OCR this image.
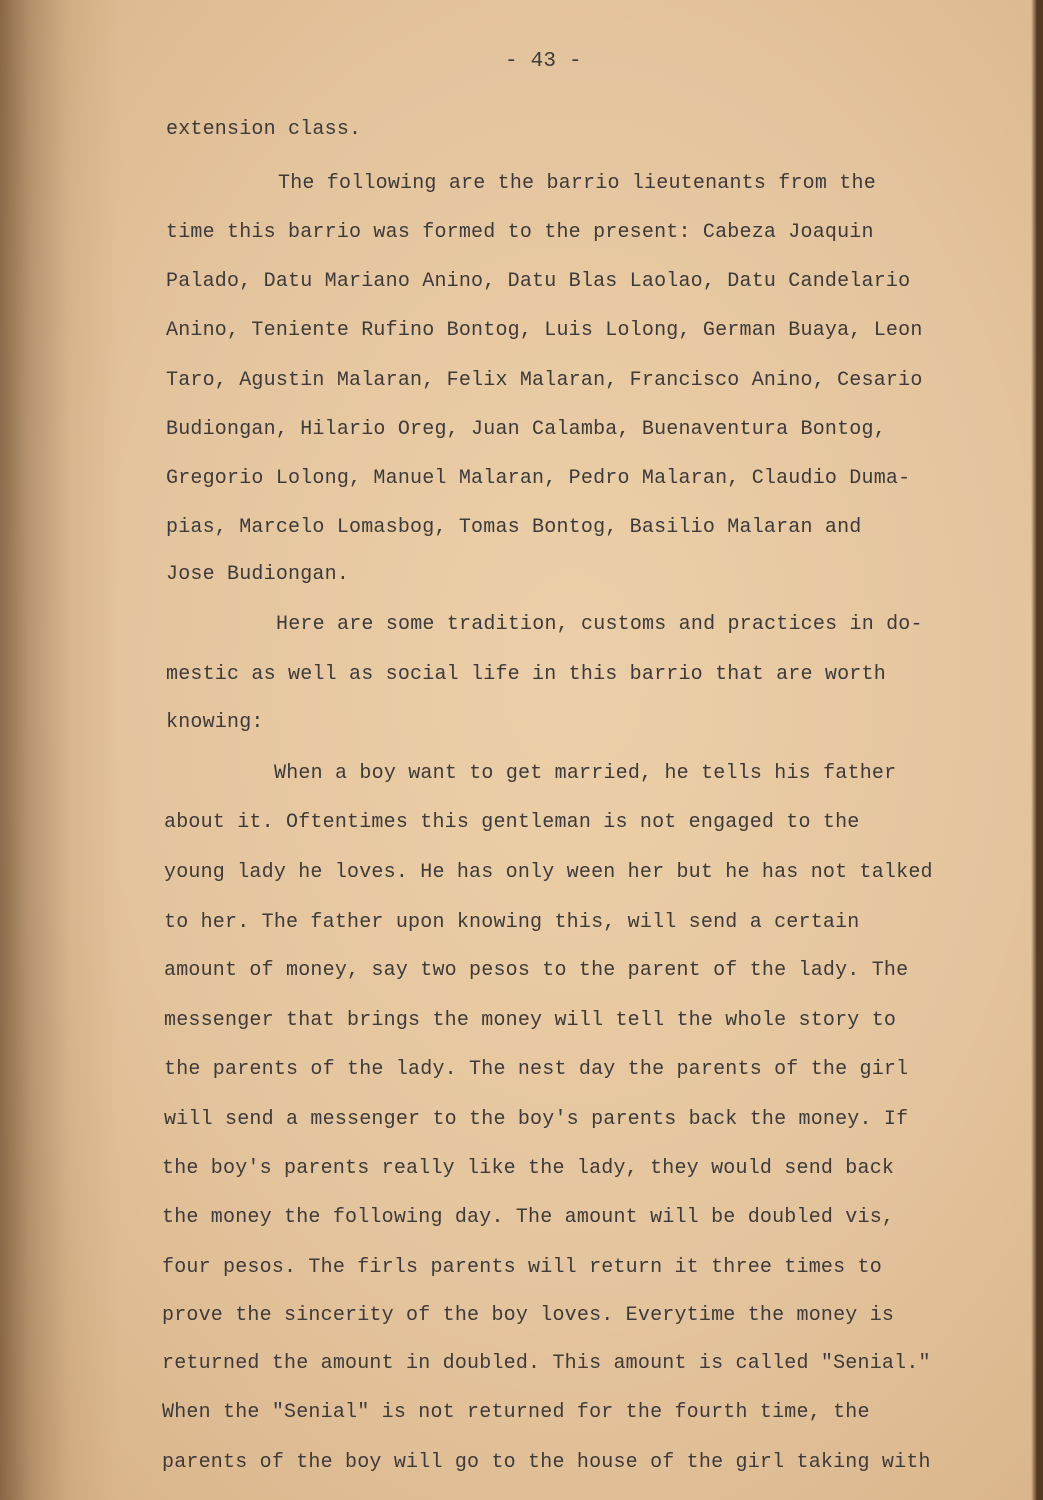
- 43 -

extension class.

The following are the barrio lieutenants from the

time this barrio was formed to the present: Cabeza Joaquin

Palado, Datu Mariano Anino, Datu Blas Laolao, Datu Candelario

Anino, Teniente Rufino Bontog, Luis Lolong, German Buaya, Leon

Taro, Agustin Malaran, Felix Malaran, Francisco Anino, Cesario

Budiongan, Hilario Oreg, Juan Calamba, Buenaventura Bontog,

Gregorio Lolong, Manuel Malaran, Pedro Malaran, Claudio Duma-

pias, Marcelo Lomasbog, Tomas Bontog, Basilio Malaran and

Jose Budiongan.

Here are some tradition, customs and practices in do-

mestic as well as social life in this barrio that are worth

knowing:

When a boy want to get married, he tells his father

about it. Oftentimes this gentleman is not engaged to the

young lady he loves. He has only ween her but he has not talked

to her. The father upon knowing this, will send a certain

amount of money, say two pesos to the parent of the lady. The

messenger that brings the money will tell the whole story to

the parents of the lady. The nest day the parents of the girl

will send a messenger to the boy's parents back the money. If

the boy's parents really like the lady, they would send back

the money the following day. The amount will be doubled vis,

four pesos. The firls parents will return it three times to

prove the sincerity of the boy loves. Everytime the money is

returned the amount in doubled. This amount is called "Senial."

When the "Senial" is not returned for the fourth time, the

parents of the boy will go to the house of the girl taking with
